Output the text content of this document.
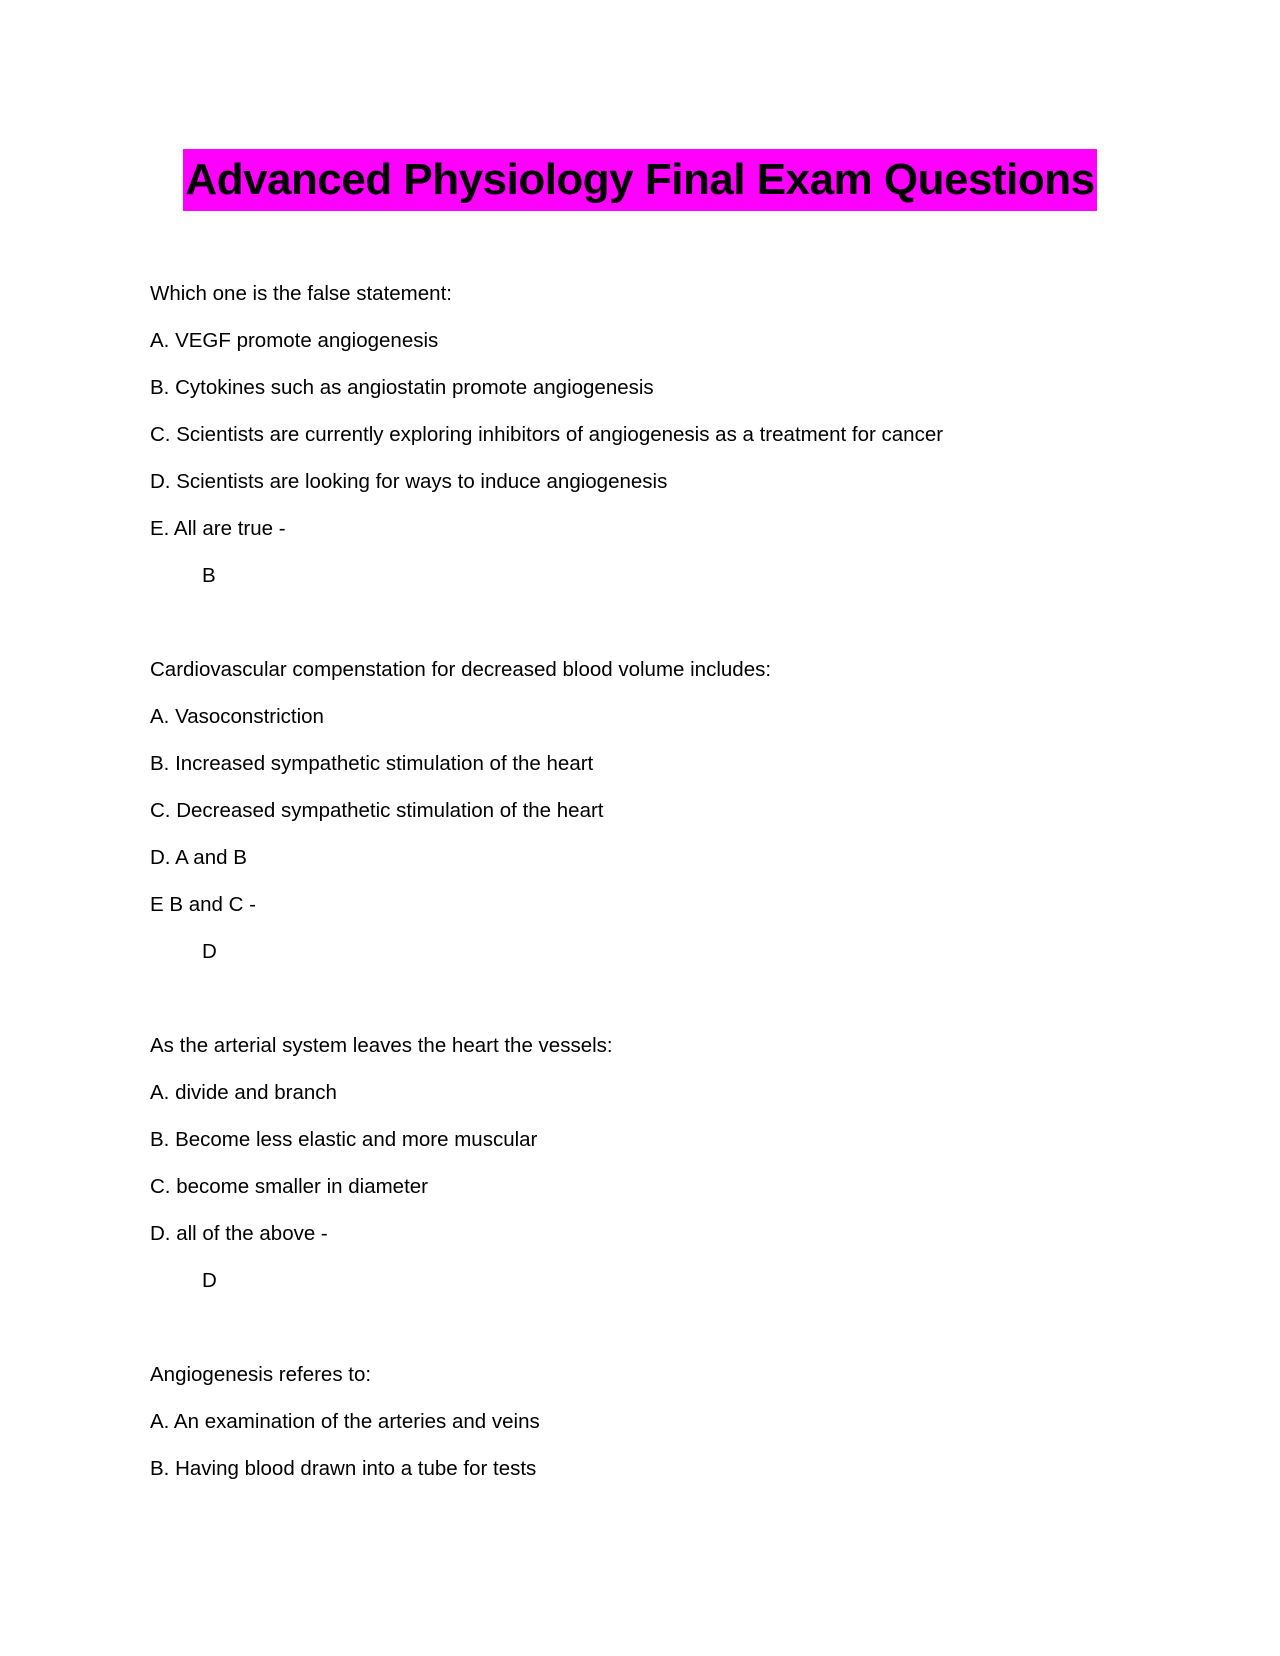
Advanced Physiology Final Exam Questions
Which one is the false statement:
A. VEGF promote angiogenesis
B. Cytokines such as angiostatin promote angiogenesis
C. Scientists are currently exploring inhibitors of angiogenesis as a treatment for cancer
D. Scientists are looking for ways to induce angiogenesis
E. All are true -
B
Cardiovascular compenstation for decreased blood volume includes:
A. Vasoconstriction
B. Increased sympathetic stimulation of the heart
C. Decreased sympathetic stimulation of the heart
D. A and B
E B and C -
D
As the arterial system leaves the heart the vessels:
A. divide and branch
B. Become less elastic and more muscular
C. become smaller in diameter
D. all of the above -
D
Angiogenesis referes to:
A. An examination of the arteries and veins
B. Having blood drawn into a tube for tests
